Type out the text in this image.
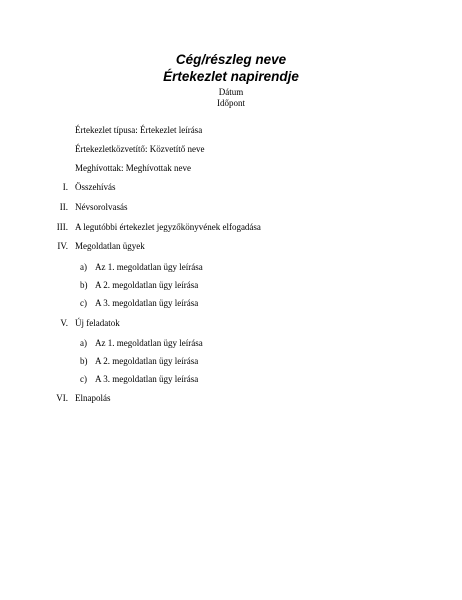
Cég/részleg neve
Értekezlet napirendje
Dátum
Időpont
Értekezlet típusa: Értekezlet leírása
Értekezletközvetítő: Közvetítő neve
Meghívottak: Meghívottak neve
I. Összehívás
II. Névsorolvasás
III. A legutóbbi értekezlet jegyzőkönyvének elfogadása
IV. Megoldatlan ügyek
a) Az 1. megoldatlan ügy leírása
b) A 2. megoldatlan ügy leírása
c) A 3. megoldatlan ügy leírása
V. Új feladatok
a) Az 1. megoldatlan ügy leírása
b) A 2. megoldatlan ügy leírása
c) A 3. megoldatlan ügy leírása
VI. Elnapolás
